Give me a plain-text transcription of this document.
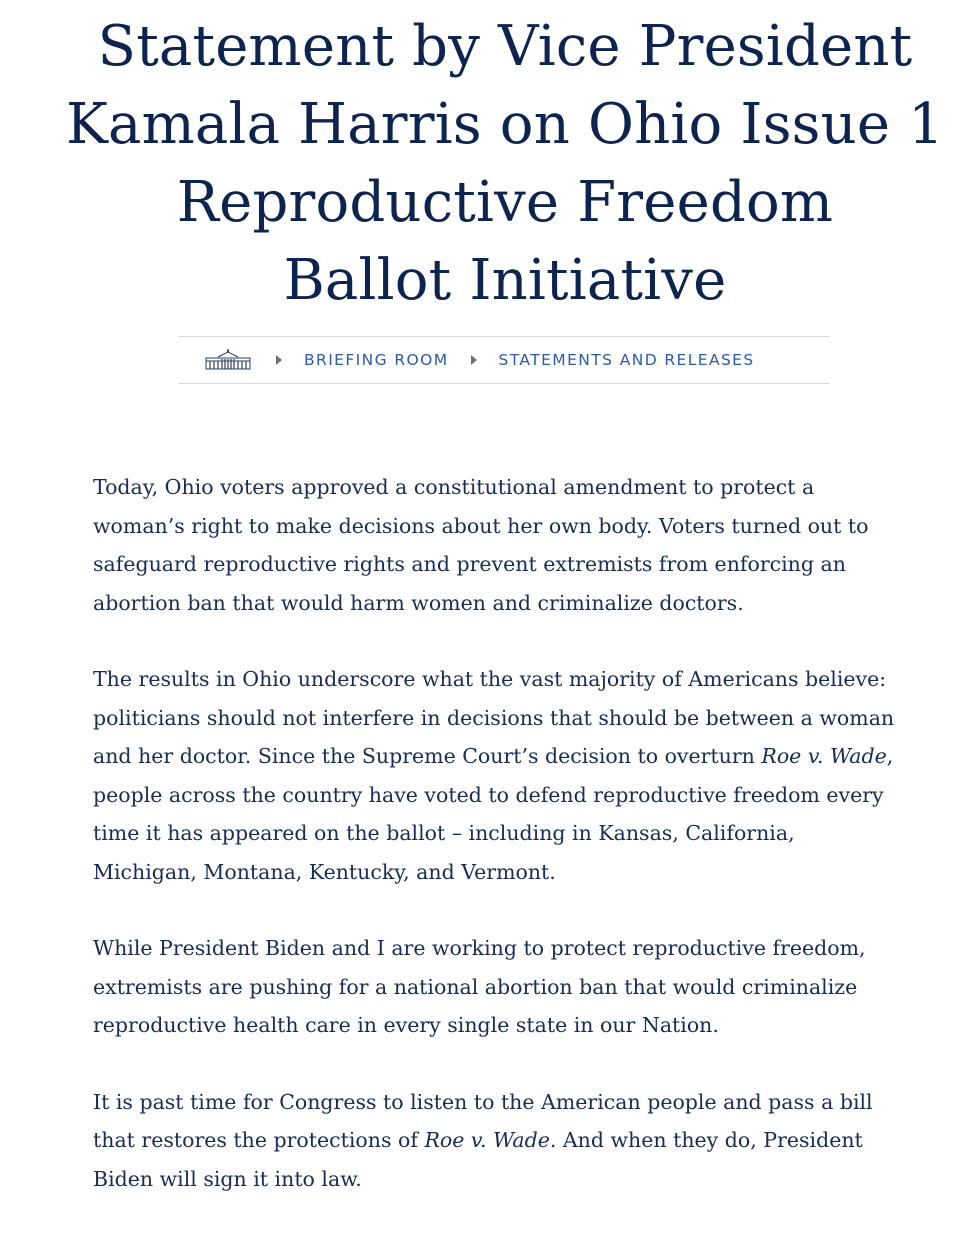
Statement by Vice President
Kamala Harris on Ohio Issue 1
Reproductive Freedom
Ballot Initiative
BRIEFING ROOM	STATEMENTS AND RELEASES

Today, Ohio voters approved a constitutional amendment to protect a
woman’s right to make decisions about her own body. Voters turned out to
safeguard reproductive rights and prevent extremists from enforcing an
abortion ban that would harm women and criminalize doctors.

The results in Ohio underscore what the vast majority of Americans believe:
politicians should not interfere in decisions that should be between a woman
and her doctor. Since the Supreme Court’s decision to overturn Roe v. Wade,
people across the country have voted to defend reproductive freedom every
time it has appeared on the ballot – including in Kansas, California,
Michigan, Montana, Kentucky, and Vermont.

While President Biden and I are working to protect reproductive freedom,
extremists are pushing for a national abortion ban that would criminalize
reproductive health care in every single state in our Nation.

It is past time for Congress to listen to the American people and pass a bill
that restores the protections of Roe v. Wade. And when they do, President
Biden will sign it into law.
